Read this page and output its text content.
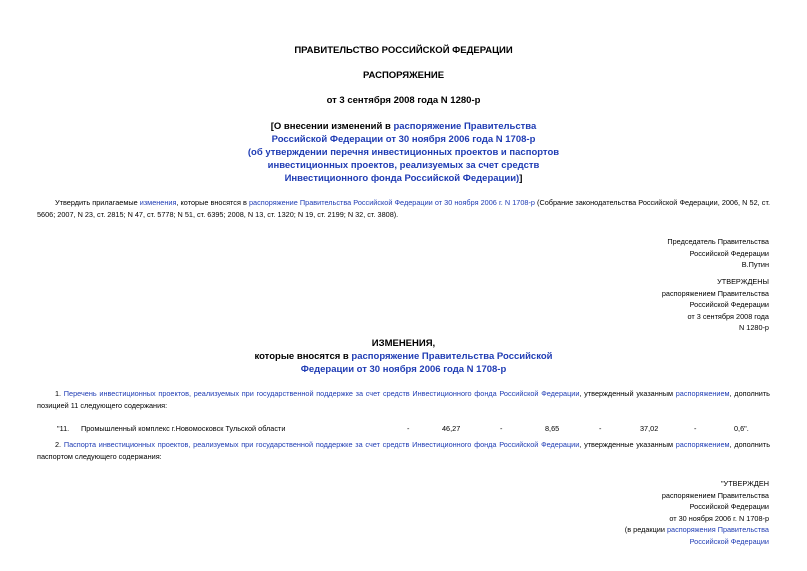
ПРАВИТЕЛЬСТВО РОССИЙСКОЙ ФЕДЕРАЦИИ
РАСПОРЯЖЕНИЕ
от 3 сентября 2008 года N 1280-р
[О внесении изменений в распоряжение Правительства
Российской Федерации от 30 ноября 2006 года N 1708-р
(об утверждении перечня инвестиционных проектов и паспортов
инвестиционных проектов, реализуемых за счет средств
Инвестиционного фонда Российской Федерации)]
Утвердить прилагаемые изменения, которые вносятся в распоряжение Правительства Российской Федерации от 30 ноября 2006 г. N 1708-р (Собрание законодательства Российской Федерации, 2006, N 52, ст. 5606; 2007, N 23, ст. 2815; N 47, ст. 5778; N 51, ст. 6395; 2008, N 13, ст. 1320; N 19, ст. 2199; N 32, ст. 3808).
Председатель Правительства
Российской Федерации
В.Путин
УТВЕРЖДЕНЫ
распоряжением Правительства
Российской Федерации
от 3 сентября 2008 года
N 1280-р
ИЗМЕНЕНИЯ,
которые вносятся в распоряжение Правительства Российской
Федерации от 30 ноября 2006 года N 1708-р
1. Перечень инвестиционных проектов, реализуемых при государственной поддержке за счет средств Инвестиционного фонда Российской Федерации, утвержденный указанным распоряжением, дополнить позицией 11 следующего содержания:
"11. Промышленный комплекс г.Новомосковск Тульской области	-	46,27	-	8,65	-	37,02	-	0,6".
2. Паспорта инвестиционных проектов, реализуемых при государственной поддержке за счет средств Инвестиционного фонда Российской Федерации, утвержденные указанным распоряжением, дополнить паспортом следующего содержания:
"УТВЕРЖДЕН
распоряжением Правительства
Российской Федерации
от 30 ноября 2006 г. N 1708-р
(в редакции распоряжения Правительства
Российской Федерации
